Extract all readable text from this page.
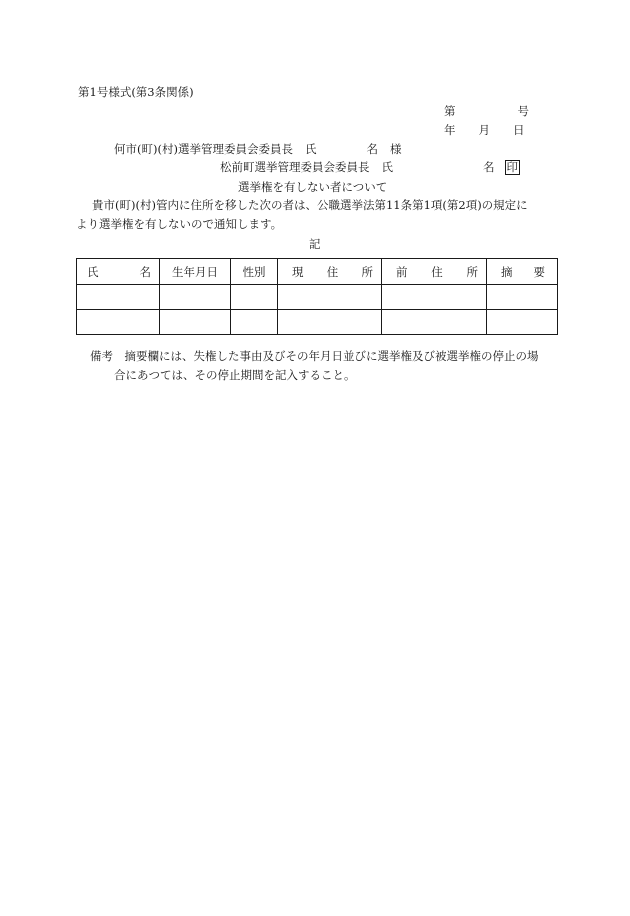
第1号様式(第3条関係)
第	号
年 月 日
何市(町)(村)選挙管理委員会委員長 氏	名 様
松前町選挙管理委員会委員長 氏	名 印
選挙権を有しない者について
貴市(町)(村)管内に住所を移した次の者は、公職選挙法第11条第1項(第2項)の規定に
より選挙権を有しないので通知します。
記
氏 名	生年月日	性別	現 住 所	前 住 所	摘 要

備考　摘要欄には、失権した事由及びその年月日並びに選挙権及び被選挙権の停止の場
合にあつては、その停止期間を記入すること。
